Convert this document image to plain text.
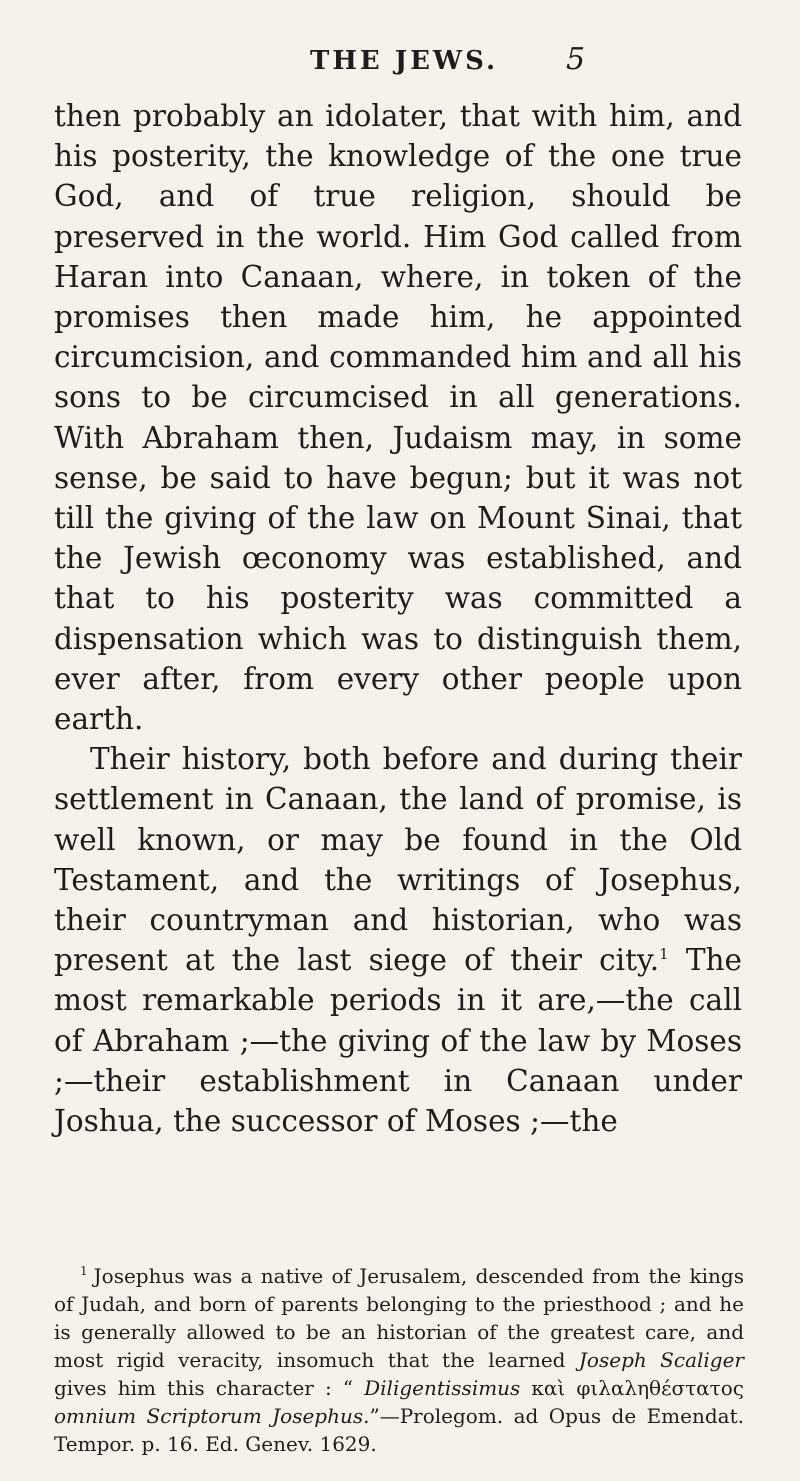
THE JEWS. 5

then probably an idolater, that with him, and his posterity, the knowledge of the one true God, and of true religion, should be preserved in the world. Him God called from Haran into Canaan, where, in token of the promises then made him, he appointed circumcision, and commanded him and all his sons to be circumcised in all generations. With Abraham then, Judaism may, in some sense, be said to have begun; but it was not till the giving of the law on Mount Sinai, that the Jewish œconomy was established, and that to his posterity was committed a dispensation which was to distinguish them, ever after, from every other people upon earth.

Their history, both before and during their settlement in Canaan, the land of promise, is well known, or may be found in the Old Testament, and the writings of Josephus, their countryman and historian, who was present at the last siege of their city.$^1$ The most remarkable periods in it are,—the call of Abraham ;—the giving of the law by Moses ;—their establishment in Canaan under Joshua, the successor of Moses ;—the

$^1$ Josephus was a native of Jerusalem, descended from the kings of Judah, and born of parents belonging to the priesthood ; and he is generally allowed to be an historian of the greatest care, and most rigid veracity, insomuch that the learned Joseph Scaliger gives him this character : “ Diligentissimus καὶ φιλαληθέστατος omnium Scriptorum Josephus.”—Prolegom. ad Opus de Emendat. Tempor. p. 16. Ed. Genev. 1629.
